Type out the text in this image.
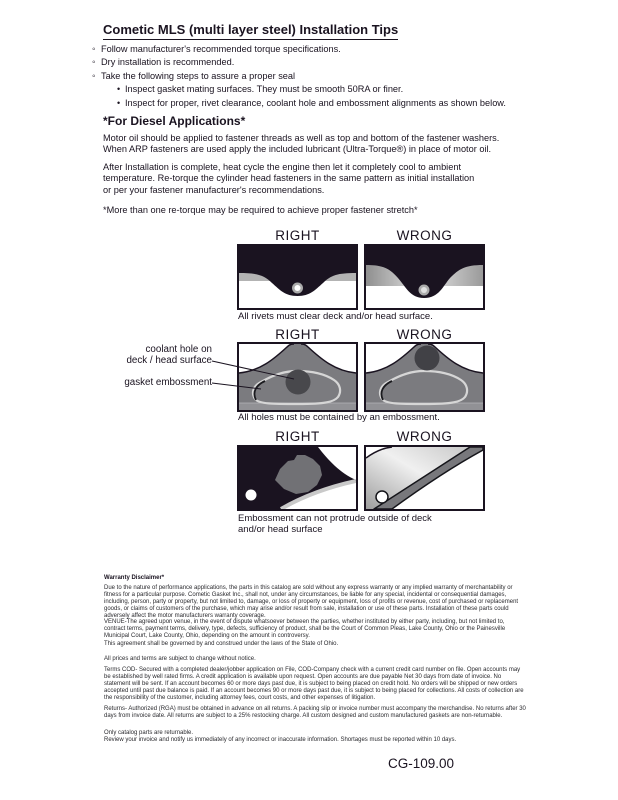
Cometic MLS (multi layer steel) Installation Tips
◦ Follow manufacturer's recommended torque specifications.
◦ Dry installation is recommended.
◦ Take the following steps to assure a proper seal
• Inspect gasket mating surfaces. They must be smooth 50RA or finer.
• Inspect for proper, rivet clearance, coolant hole and embossment alignments as shown below.
*For Diesel Applications*
Motor oil should be applied to fastener threads as well as top and bottom of the fastener washers.
When ARP fasteners are used apply the included lubricant (Ultra-Torque®) in place of motor oil.
After Installation is complete, heat cycle the engine then let it completely cool to ambient
temperature. Re-torque the cylinder head fasteners in the same pattern as initial installation
or per your fastener manufacturer's recommendations.
*More than one re-torque may be required to achieve proper fastener stretch*
RIGHT	WRONG
All rivets must clear deck and/or head surface.
RIGHT	WRONG
coolant hole on
deck / head surface
gasket embossment
All holes must be contained by an embossment.
RIGHT	WRONG
Embossment can not protrude outside of deck
and/or head surface
Warranty Disclaimer*
Due to the nature of performance applications, the parts in this catalog are sold without any express warranty or any implied warranty of merchantability or fitness for a particular purpose. Cometic Gasket Inc., shall not, under any circumstances, be liable for any special, incidental or consequential damages, including, person, party or property, but not limited to, damage, or loss of property or equipment, loss of profits or revenue, cost of purchased or replacement goods, or claims of customers of the purchase, which may arise and/or result from sale, installation or use of these parts. Installation of these parts could adversely affect the motor manufacturers warranty coverage.
VENUE-The agreed upon venue, in the event of dispute whatsoever between the parties, whether instituted by either party, including, but not limited to, contract terms, payment terms, delivery, type, defects, sufficiency of product, shall be the Court of Common Pleas, Lake County, Ohio or the Painesville Municipal Court, Lake County, Ohio, depending on the amount in controversy.
This agreement shall be governed by and construed under the laws of the State of Ohio.
All prices and terms are subject to change without notice.
Terms COD- Secured with a completed dealer/jobber application on File, COD-Company check with a current credit card number on file. Open accounts may be established by well rated firms. A credit application is available upon request. Open accounts are due payable Net 30 days from date of invoice. No statement will be sent. If an account becomes 60 or more days past due, it is subject to being placed on credit hold. No orders will be shipped or new orders accepted until past due balance is paid. If an account becomes 90 or more days past due, it is subject to being placed for collections. All costs of collection are the responsibility of the customer, including attorney fees, court costs, and other expenses of litigation.
Returns- Authorized (RGA) must be obtained in advance on all returns. A packing slip or invoice number must accompany the merchandise. No returns after 30 days from invoice date. All returns are subject to a 25% restocking charge. All custom designed and custom manufactured gaskets are non-returnable.
Only catalog parts are returnable.
Review your invoice and notify us immediately of any incorrect or inaccurate information. Shortages must be reported within 10 days.
CG-109.00
